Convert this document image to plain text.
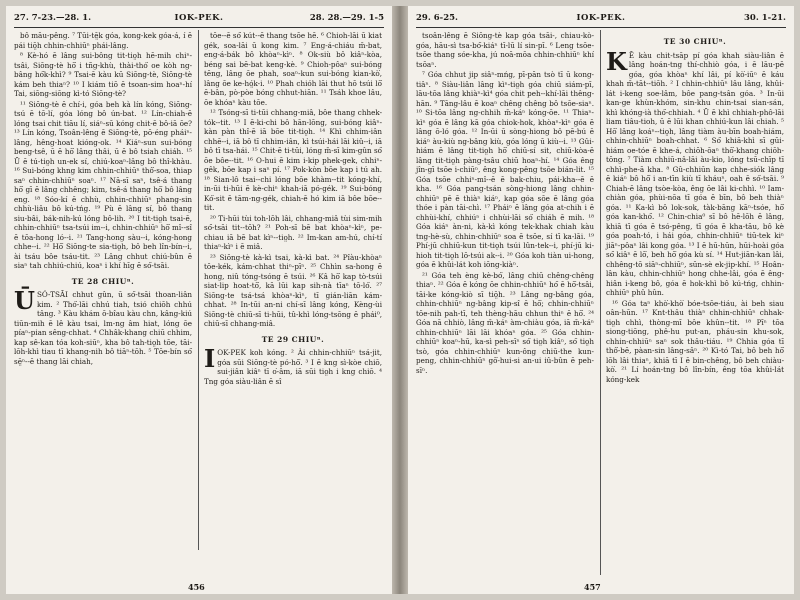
27. 7-23.—28. 1.	IOK-PEK.	28. 28.—29. 1-5

bô māu-pêng. ⁷ Tūi-tē̤k góa, kong-kek góa-á, í ē pái tiō̤h chhin-chhiūⁿ phái-lâng.

⁸ Kè-hó ē lâng sui-bông tit-tio̤h hē-mih chiⁿ-tsâi, Siōng-tè hō͘ i tñg-khù, thài-thó͘ oe kòh ng-bâng hó͘k-khì? ⁹ Tsai-ē kàu kū Siōng-tè, Siōng-tè kám beh thiaⁿ? ¹⁰ I kiám tiō ē tsoan-sim hoaⁿ-hí Tai, siōng-siōng kì-tó Siōng-tè?

¹¹ Siōng-tè ē chí-i, góa beh kà lín kóng, Siōng-tsú ē tō-lí, góa lóng bô ún-bat. ¹² Lín-chiah-ē lóng tsai chit tiāu lí, siáⁿ-sū kóng chit-ē bô-iā ōe? ¹³ Lín kóng, Tsoân-lêng ē Siōng-tè, pō-éng pháiⁿ-lâng, hêng-hoat kióng-ok. ¹⁴ Kiáⁿ-sun sui-bóng beng-tsê, ū ē hō͘ lâng thâi, ū ē bô tsiah chiáh. ¹⁵ Ū ē tú-tio̤h un-ek sí, chiú-koaⁿ-lâng bô thî-khàu. ¹⁶ Sui-bóng khng kim chhin-chhiūⁿ thô͘-soa, thiap saⁿ chhin-chhiūⁿ soaⁿ. ¹⁷ Nā-sī saⁿ, tsê-á thang hō͘ gī ē lâng chhêng; kim, tsê-á thang hō͘ bô lâng eng. ¹⁸ Sóo-kí ē chhù, chhin-chhiūⁿ phang-sin chhù-liâu bô kú-tńg. ¹⁹ Pù ē lâng sí, bô thang siu-bâi, bák-nih-kú lóng bô-lih. ²⁰ I tit-tio̤h tsai-ē, chhin-chhiūⁿ tsa-tsúi im--i, chhin-chhiūⁿ hō͘ mî--sî ē tōa-hong ló--i. ²¹ Tang-hong sàu--i, kóng-hong chhe--i. ²² Hō͘ Siōng-te sia-tio̤h, bô beh lîn-bín--i, ài tsáu bôe tsáu-tit. ²³ Lâng chhut chiú-bûn ē siaⁿ tah chhiú-chiú, koaⁿ i khí hīg ē só͘-tsāi.

TE 28 CHIUⁿ.

Ū SÓ-TSĀI chhut gûn, ū só͘-tsāi thoan-liân kim. ² Thó͘-lāi chhú tiah, tsió chiōh chhú tâng. ³ Kàu khám ō-bîau kàu chn, kâng-kiú tiūn-mih ē lê kàu tsai, lm-ng âm hiat, lóng ōe píaⁿ-pian sêng-chhat. ⁴ Chhâk-khang chiū chhim, kap sê-kan tóa koh-siūⁿ, kha bô tah-tio̤h tōe, tāi-lōh-khì tiau tī khang-nih bô tiāⁿ-tōh. ⁵ Tōe-bín só͘ sē̤ⁿ--ē thang lāi chiah,

tōe--ē só͘ kút--ē thang tsōe hē. ⁶ Chioh-lāi ū kiat gék, soa-lāi ū kong kim. ⁷ Eng-á-chiáu m̄-bat, eng-á-bák bô khòaⁿ-kìⁿ. ⁸ Ok-siù bô kiâⁿ-kòa, béng sai bē-bat keng-kè. ⁹ Chioh-pôaⁿ sui-bóng tēng, lâng ōe phah, soaⁿ-kun sui-bóng kian-kò͘, lâng ōe ke-hó̤k-i. ¹⁰ Phah chióh lāi thut hō tsúi lō͘ ē-bân, pò-pòe bóng chhut-hiān. ¹¹ Tsáh khoe lâu, ōe khóaⁿ kàu tōe.

¹² Tsóng-sī ti-tūi chhang-miâ, bôe thang chhek-tók--tit. ¹³ I ē-ki-chi bô hān-lōng, sui-bóng kiâⁿ-kàn pàn thî-ē iā bōe tit-tio̤h. ¹⁴ Khì chhim-iân chhē--i, iā bô tī chhim-iân, kì tsúi-hái lāi kiû--i, iā bô tī tsa-hái. ¹⁵ Chit-ē ti-tūi, lóng m̄-sī kim-gûn só͘ ōe bôe--tit. ¹⁶ O-hui ē kim i-kip phek-gek, chhiⁿ-gêk, bōe kap i saⁿ pí. ¹⁷ Pok-kòn bōe kap i tú ah. ¹⁸ Sian-lô tsai--chi lóng bōe khàm--tit kóng-khí, in-ūi ti-hūi ē kè-chiⁿ khah-iā pó-gék. ¹⁹ Sui-bóng Kó͘-sit ē tām-ng-gék, chiah-ē hó kim iā bôe bōe--tit.

²⁰ Ti-hūi tùi toh-lōh lâi, chhang-miâ tùi sim-mih só͘-tsāi tit--tōh? ²¹ Poh-sī bē bat khòaⁿ-kìⁿ, pe-chiau iā bē bat kìⁿ--tio̤h. ²² Im-kan am-hú, chí-tí thiaⁿ-kìⁿ i ē miâ.

²³ Siōng-tè kà-kì tsai, kà-kì bat. ²⁴ Pîàu-khòaⁿ tōe-kék, kám-chhat thiⁿ-pīⁿ. ²⁵ Chhìn sa-hong ē hong, niû tóng-tsóng ē tsúi. ²⁶ Kâ hō͘ kap tò-tsúi siat-lip hoat-tō͘, kā lūi kap sih-nà tīaⁿ tō-ló͘. ²⁷ Siōng-te tsá-tsá khòaⁿ-kìⁿ, tī gián-liān kám-chhat. ²⁸ In-tūi an-ni chí-sī lâng kóng, Kèng-ùi Siōng-tè chiū-sī ti-hūi, tû-khì lóng-tsōng ē phái⁰, chiū-sī chhang-miâ.

TE 29 CHIUⁿ.

I OK-PEK koh kóng. ² Ài chhin-chhiūⁿ tsá-jit, góa sūi Siōng-tè pó-hō͘. ³ I ē kng sì-kòe chiō, sui-jiân kiâⁿ tī o͘-âm, iā sūi tio̤h i kng chiō. ⁴ Tng góa siàu-liân ē sî

456
29. 6-25.	IOK-PEK.	30. 1-21.

tsoân-lêng ē Siōng-tè kap góa tsāi-, chiau-kò-góa, hāu-sì tsa-bó͘-kiáⁿ tī-lū lí sin-pī. ⁶ Leng tsōe-tsōe thang sóe-kha, jú noā-mōa chhin-chhiūⁿ khí tsōaⁿ.

⁷ Góa chhut jip siâⁿ-mńg, pī-pān tsò tī ū kong-tiâⁿ. ⁸ Siàu-liân lâng kìⁿ-tio̤h góa chiū siám-pī, lāu-tōa lâng khiàⁿ-kì⁴ góa chit peh--khí-lāi thêng-hān. ⁹ Tāng-lâu ē koaⁿ chêng chêng bô tsōe-siaⁿ. ¹⁰ Si-tōa lâng ng-chhih m̄-káⁿ kóng-ōe. ¹¹ Thiaⁿ-kìⁿ góa ē lâng kā góa chiok-hok, khòaⁿ-kìⁿ góa ē lâng ō-ló góa. ¹² In-ūi ū sòng-hiong bô pē-bú ē kiáⁿ àu-kiù ng-bâng kiù, góa lóng ū kiù--i. ¹³ Gûi-hiám ē lâng tit-tio̤h hō͘ chiū-sí sit, chiū-kòa-ē lâng tit-tio̤h pàng-tsâu chiū hoaⁿ-hí. ¹⁴ Góa êng jîn-gī tsōe i-chiūⁿ, êng kong-pêng tsōe bián-lit. ¹⁵ Góa tsōe chhiⁿ-mî--ē ē bak-chiu, pái-kha--ē ē kha. ¹⁶ Góa pang-tsán sòng-hiong lâng chhin-chhiūⁿ pē ē thiàⁿ kiáⁿ, kap góa sōe ē lâng góa thóe i pàn tāi-chì. ¹⁷ Pháiⁿ ē lâng góa at-chih i ē chhùi-khí, chhiúⁿ i chhùi-lāi só͘ chiáh ē mih. ¹⁸ Góa kiáⁿ àn-ni, kà-kì kóng tek-khak chiah kàu tng-hè-sù, chhin-chhiūⁿ soa ē tsōe, sí tī ka-lāi. ¹⁹ Phí-jū chhiū-kun tit-tio̤h tsúi lûn-tek--i, phí-jū ki-hioh tit-tio̤h lō-tsúi ak--i. ²⁰ Góa koh tiàn ui-hong, góa ē khûi-lát koh iōng-kiàⁿ.

²¹ Góa teh èng kè-bó͘, lâng chiū chêng-chêng thiaⁿ. ²² Góa ē kóng ōe chhin-chhiūⁿ hó͘ ē hō͘-tsâi, tāi-ke kóng-kiò sī tiō̤h. ²³ Lâng ng-bâng góa, chhin-chhiūⁿ ng-bâng kip-sî ē hō͘; chhin-chhiūⁿ tōe-nih pah-tī, teh thèng-hāu chhun thiⁿ ē hō͘. ²⁴ Góa nā chhiò, lâng m̄-káⁿ àm-chiàu góa, iā m̄-káⁿ chhin-chhiūⁿ lāi lāi khóaⁿ góa. ²⁵ Góa chhin-chhiūⁿ koaⁿ-hū, ka-sì peh-sīⁿ só͘ tio̤h kiâⁿ, só͘ tio̤h tsò, góa chhin-chhiūⁿ kun-ông chiū-the kun-peng, chhin-chhiūⁿ gō͘-hui-si an-ui iû-bûn ē peh-sīⁿ.

TE 30 CHIUⁿ.

K Ē kàu chit-tsāp pí góa khah siàu-liân ē lâng hoán-tng thí-chhiò góa, i ē lāu-pē góa, góa khòaⁿ khí lâi, pí kò͘-iūⁿ ē káu khah m̄-tāt--tiōh. ² I chhin-chhiūⁿ lâu lâng, khûi-lát i-keng soe-lâm, bôe pang-tsân góa. ³ In-ūi kan-ge khùn-khóm, sin-khu chin-tsai sian-sán, khì khóng-ià thó͘-chhiah. ⁴ Ū ē khì chhiah-phô-lāi liam tiâu-tioh, ū ē lūi khan chhiú-kun lâi chiah. ⁵ Hō͘ lâng koáⁿ--tio̤h, lâng tiàm àu-bīn boah-hiám, chhin-chhiūⁿ boah-chhat. ⁶ Só͘ khiā-khì sī gūi-hiám oe-tóe ē khe-á, chiōh-ōaⁿ thō͘-khang chiōh-tōng. ⁷ Tiàm chhiū-nâ-lāi àu-kio, lóng tsū-chīp tī chhì-phe-ā kha. ⁸ Gû-chhiūn kap chhe-siók lâng ē kiáⁿ bô hō͘ i an-tīn kiù tī kháuⁿ, oah ē só͘-tsāi. ⁹ Chiah-ē lâng tsòe-kòa, êng ōe lâi ki-chhì. ¹⁰ Iam-chiàn góa, phùi-nōa tī góa ē bīn, bô beh thiàⁿ góa. ¹¹ Ka-kì bô lok-sok, tàk-bāng kāⁿ-tsóe, hō͘ góa kan-khó͘. ¹² Chin-chia⁰ sī bô hē-lōh ē lâng, khiā tī góa ē tsó-pêng, tī góa ē kha-tāu, bô kè góa poah-tó, i hái góa, chhin-chhiūⁿ tiū-tek kiⁿ jiāⁿ-pôaⁿ lâi kong góa. ¹³ I ē hū-hūn, hūi-hoài góa só͘ kiâⁿ ē lō͘, beh hō͘ góa kù sí. ¹⁴ Hut-jiān-kan lâi, chhêng-tō siāⁿ-chhiūⁿ, sūn-sè ek-jip-khí. ¹⁵ Hoân-lân kàu, chhin-chhiūⁿ hong chhe-lâi, góa ē êng-hiân i-keng bô, góa ē hok-khì bô kú-tńg, chhin-chhiūⁿ phû hûn.

¹⁶ Góa taⁿ khò͘-khò͘ bóe-tsōe-tiáu, ài beh siau oân-hūn. ¹⁷ Knt-thâu thiàⁿ chhin-chhiūⁿ chhak-tio̤h chhì, thòng-mī bôe khûn--tit. ¹⁸ Pīⁿ tōa siong-tiōng, phê-hu put-an, pháu-sin khu-sok, chhin-chhiūⁿ saⁿ sok thâu-tiáu. ¹⁹ Chhia góa tī thô͘-bē, pàan-sin lâng-sâⁿ. ²⁰ Kì-tó Tai, bô beh hō͘ lōh lâi thiaⁿ, khiā tī I ē bin-chêng, bô beh chiàu-kò͘. ²¹ Lí hoán-tng bô lîn-bín, êng tōa khûi-lát kóng-kek

457
